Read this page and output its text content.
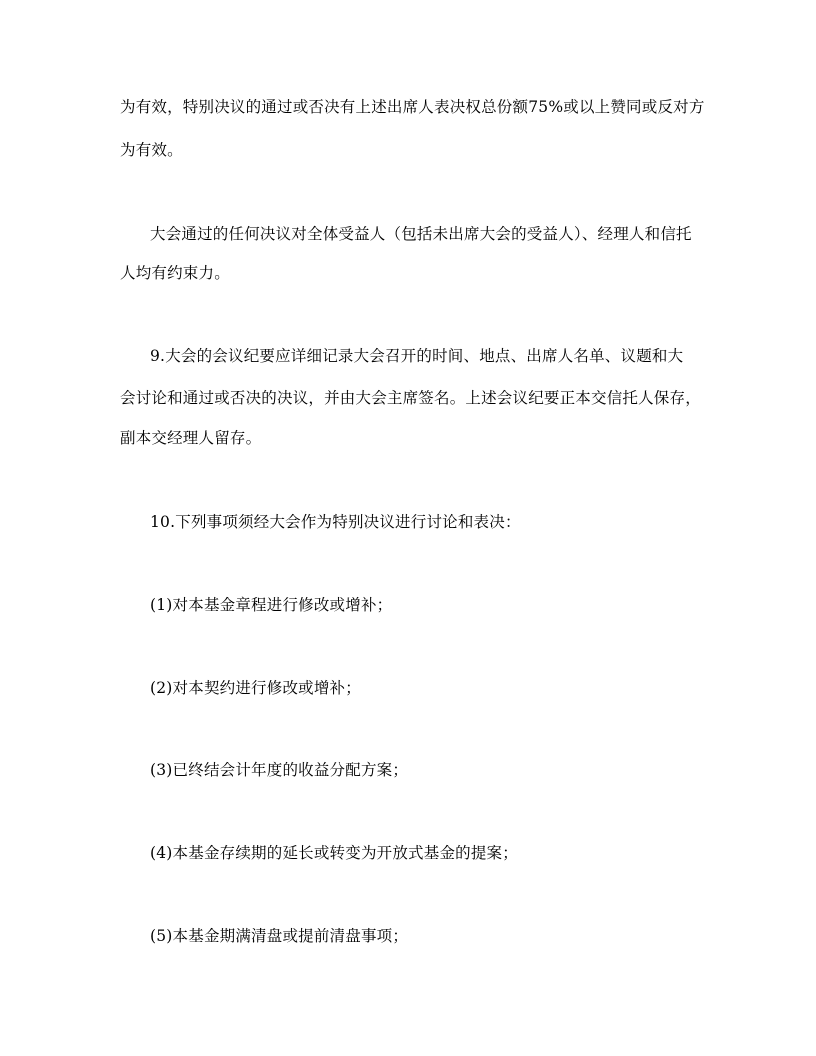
为有效，特别决议的通过或否决有上述出席人表决权总份额75%或以上赞同或反对方
为有效。
大会通过的任何决议对全体受益人（包括未出席大会的受益人）、经理人和信托
人均有约束力。
9.大会的会议纪要应详细记录大会召开的时间、地点、出席人名单、议题和大
会讨论和通过或否决的决议，并由大会主席签名。上述会议纪要正本交信托人保存，
副本交经理人留存。
10.下列事项须经大会作为特别决议进行讨论和表决：
(1)对本基金章程进行修改或增补；
(2)对本契约进行修改或增补；
(3)已终结会计年度的收益分配方案；
(4)本基金存续期的延长或转变为开放式基金的提案；
(5)本基金期满清盘或提前清盘事项；
